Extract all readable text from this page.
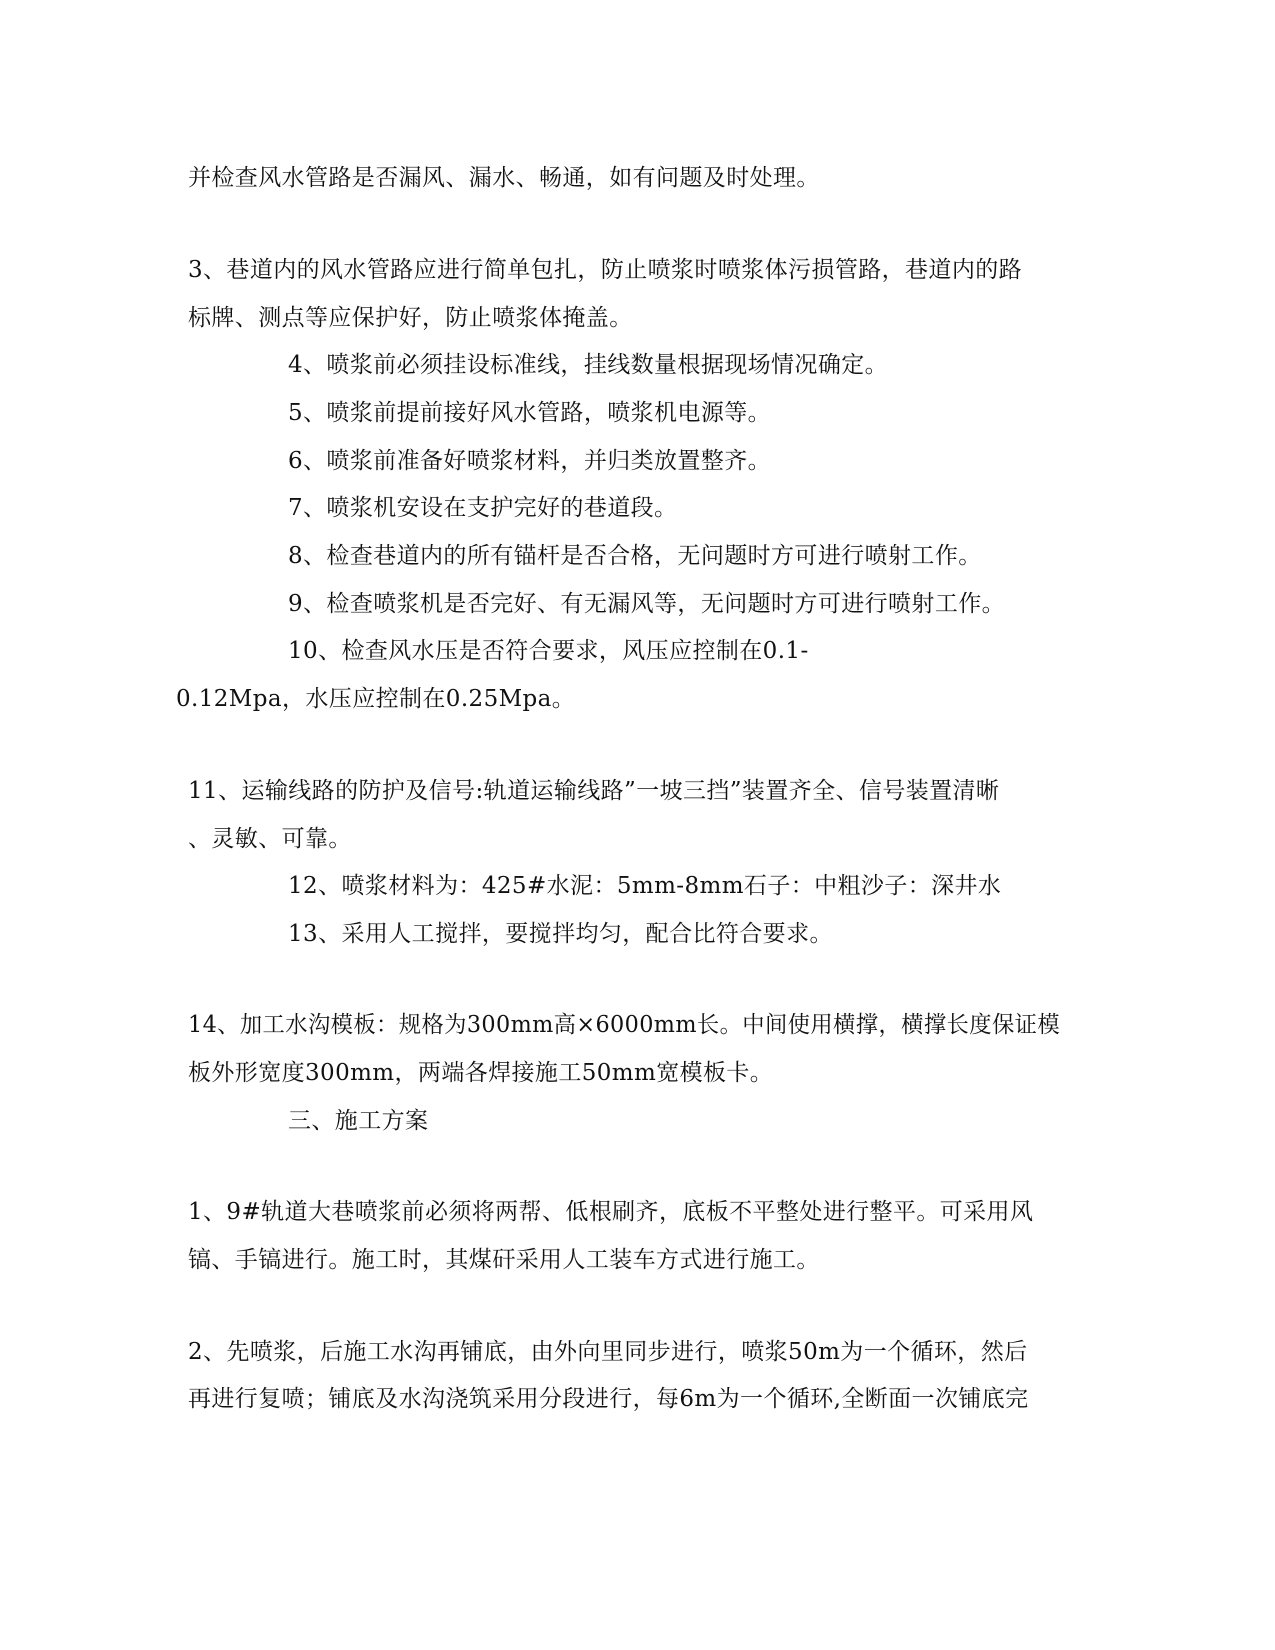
并检查风水管路是否漏风、漏水、畅通，如有问题及时处理。
3、巷道内的风水管路应进行简单包扎，防止喷浆时喷浆体污损管路，巷道内的路
标牌、测点等应保护好，防止喷浆体掩盖。
4、喷浆前必须挂设标准线，挂线数量根据现场情况确定。
5、喷浆前提前接好风水管路，喷浆机电源等。
6、喷浆前准备好喷浆材料，并归类放置整齐。
7、喷浆机安设在支护完好的巷道段。
8、检查巷道内的所有锚杆是否合格，无问题时方可进行喷射工作。
9、检查喷浆机是否完好、有无漏风等，无问题时方可进行喷射工作。
10、检查风水压是否符合要求，风压应控制在0.1-
0.12Mpa，水压应控制在0.25Mpa。
11、运输线路的防护及信号:轨道运输线路”一坡三挡”装置齐全、信号装置清晰
、灵敏、可靠。
12、喷浆材料为：425#水泥：5mm-8mm石子：中粗沙子：深井水
13、采用人工搅拌，要搅拌均匀，配合比符合要求。
14、加工水沟模板：规格为300mm高×6000mm长。中间使用横撑，横撑长度保证模
板外形宽度300mm，两端各焊接施工50mm宽模板卡。
三、施工方案
1、9#轨道大巷喷浆前必须将两帮、低根刷齐，底板不平整处进行整平。可采用风
镐、手镐进行。施工时，其煤矸采用人工装车方式进行施工。
2、先喷浆，后施工水沟再铺底，由外向里同步进行，喷浆50m为一个循环，然后
再进行复喷；铺底及水沟浇筑采用分段进行，每6m为一个循环,全断面一次铺底完
